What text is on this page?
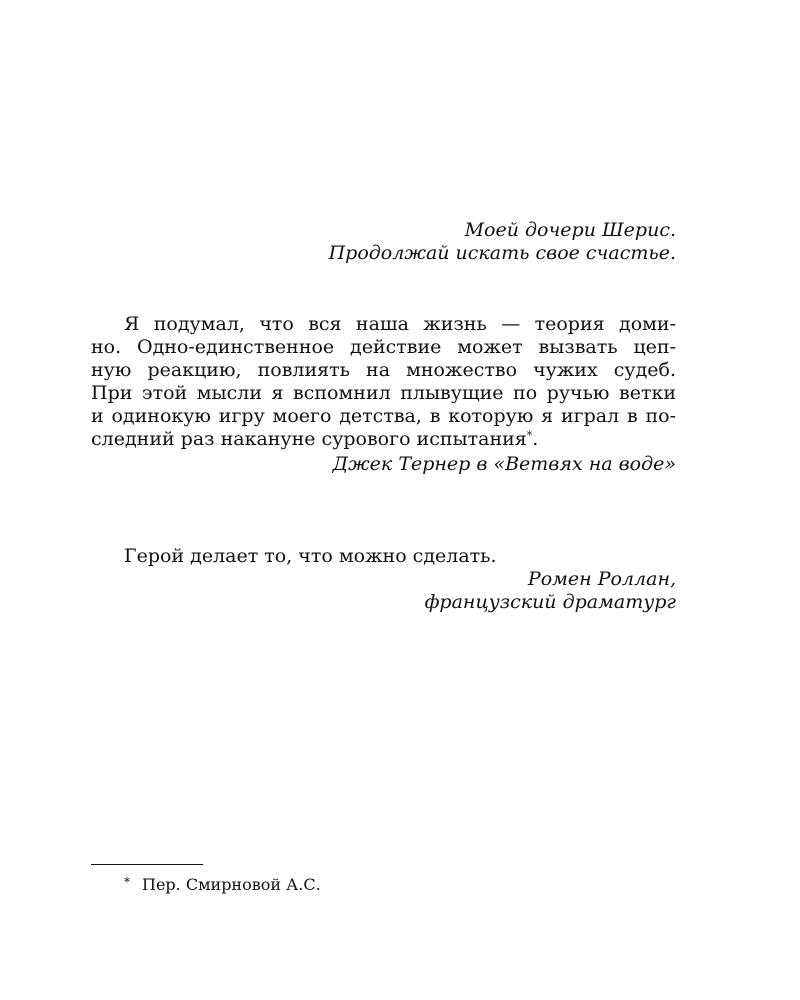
Моей дочери Шерис.
Продолжай искать свое счастье.
Я подумал, что вся наша жизнь — теория доми-
но. Одно-единственное действие может вызвать цеп-
ную реакцию, повлиять на множество чужих судеб.
При этой мысли я вспомнил плывущие по ручью ветки
и одинокую игру моего детства, в которую я играл в по-
следний раз накануне сурового испытания*.
Джек Тернер в «Ветвях на воде»
Герой делает то, что можно сделать.
Ромен Роллан,
французский драматург
* Пер. Смирновой А.С.
